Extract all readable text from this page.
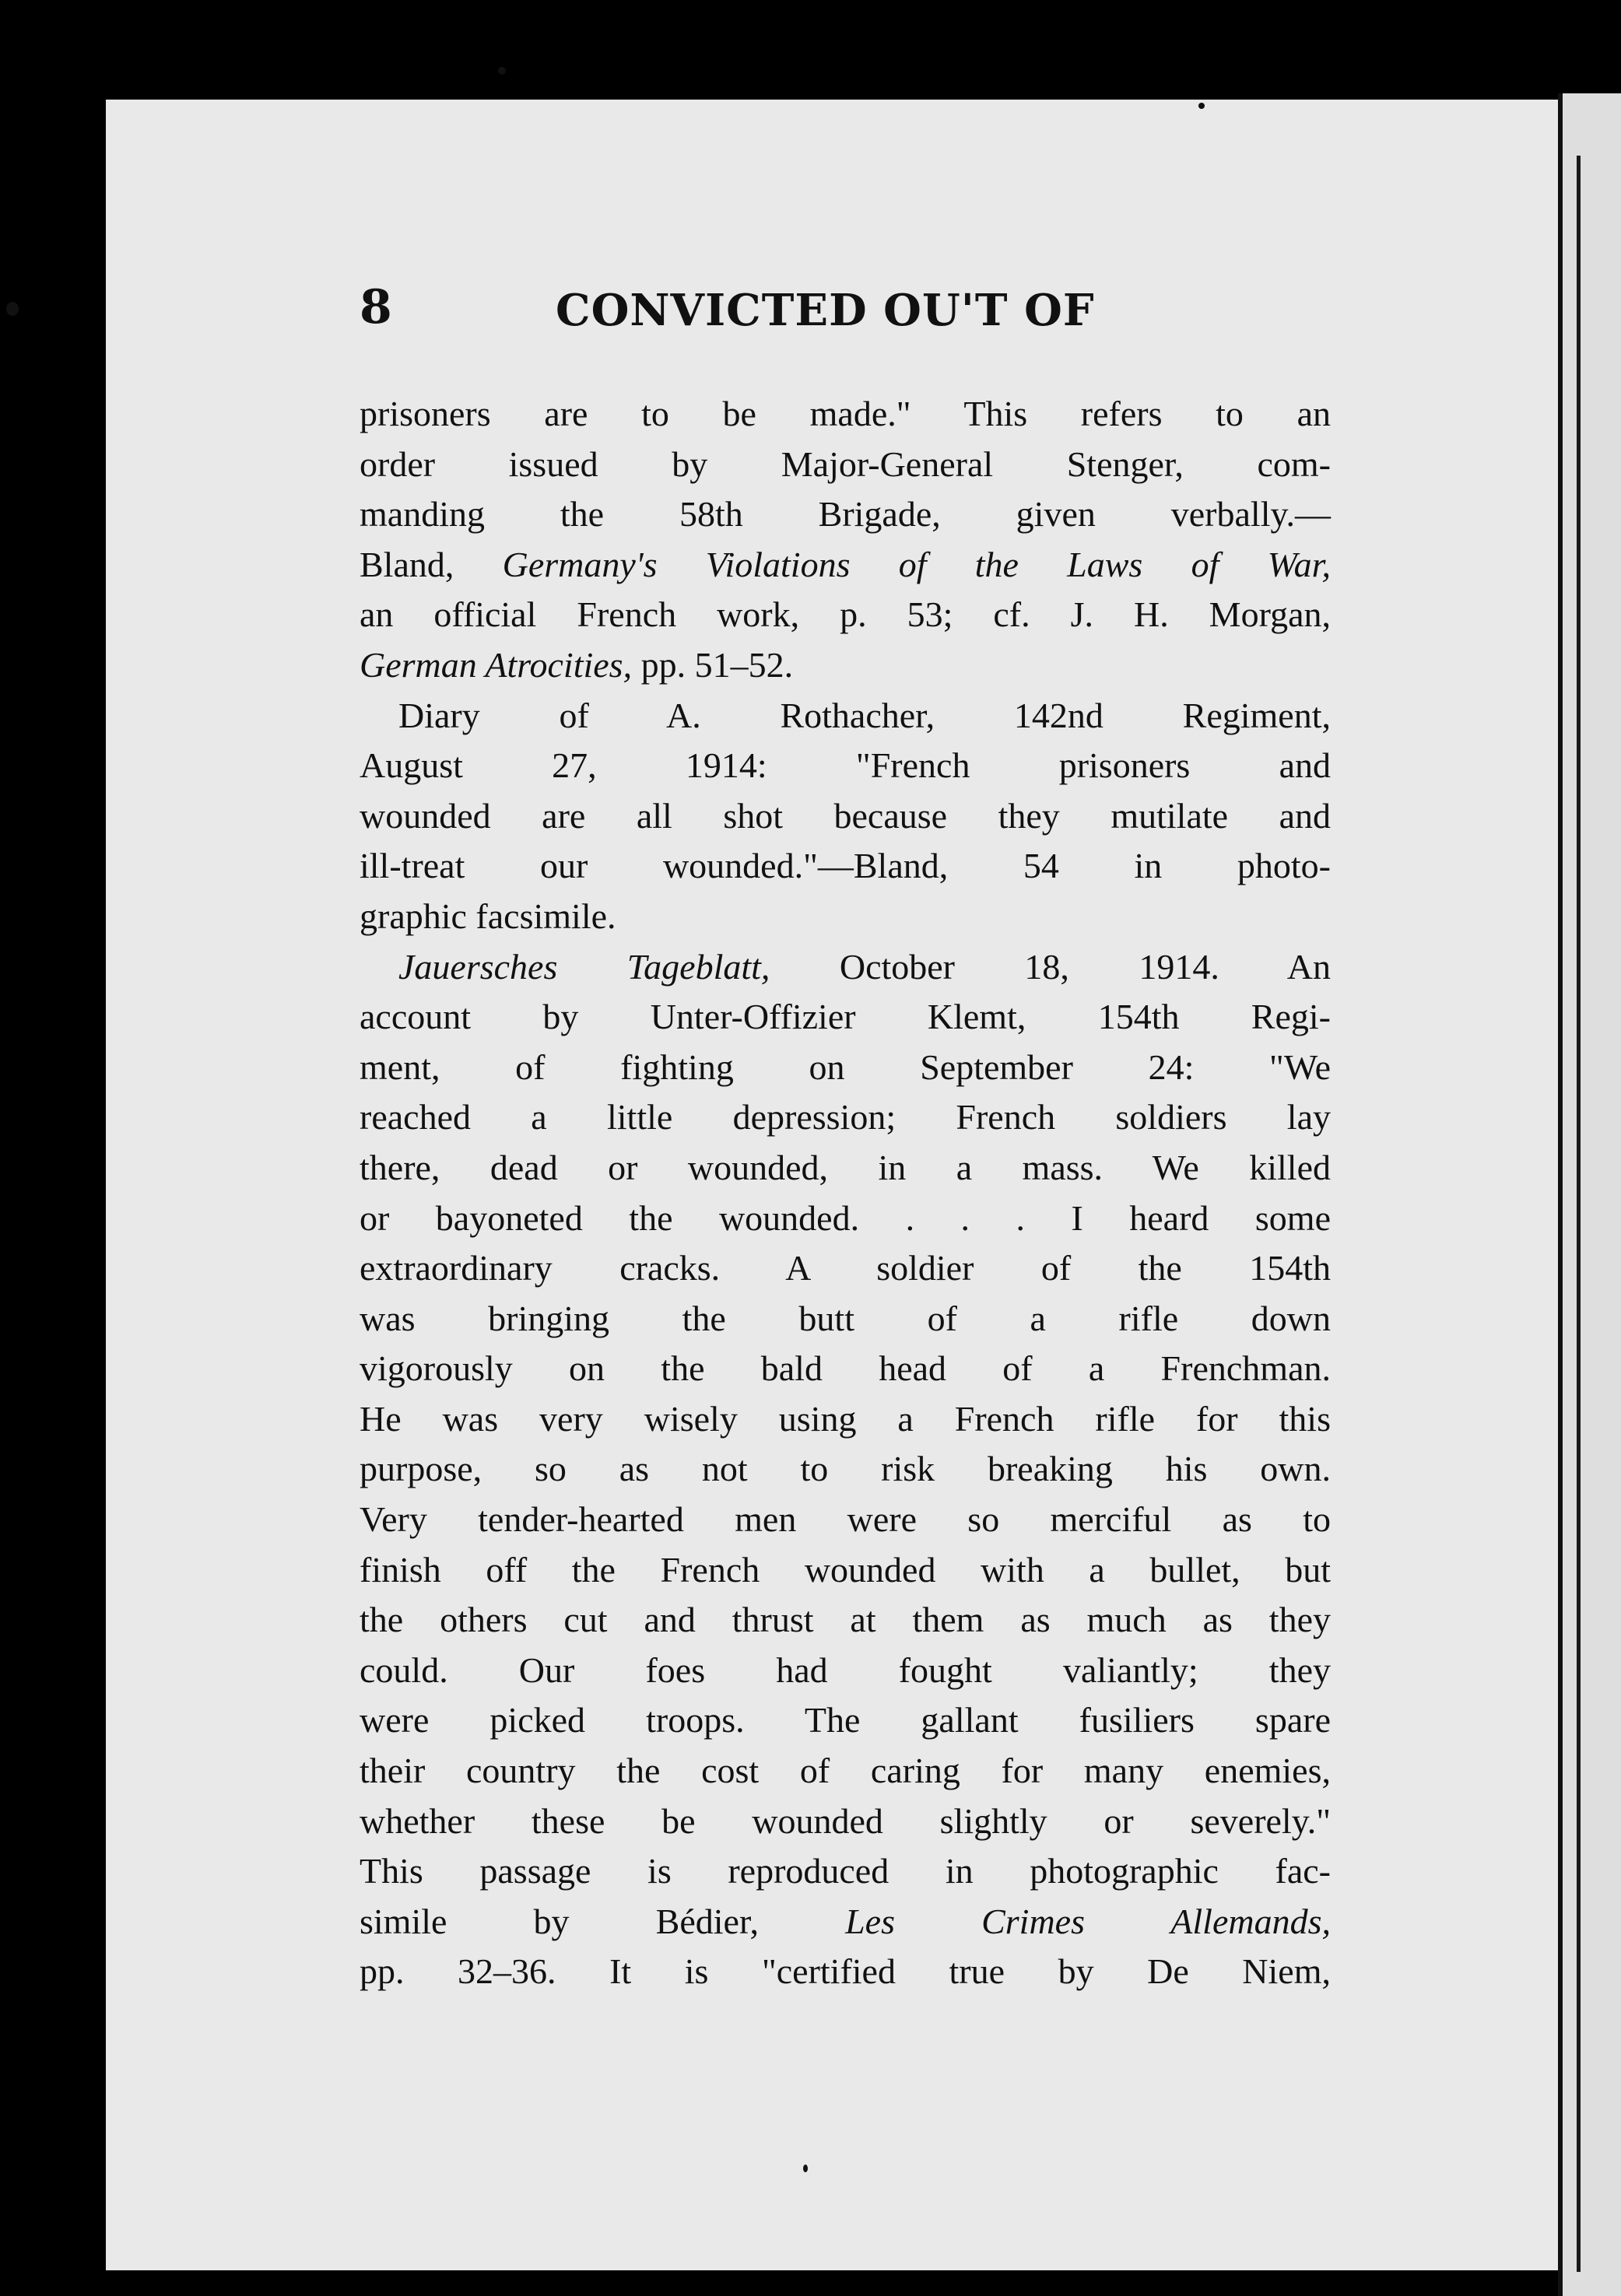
8	CONVICTED OU'T OF
prisoners are to be made." This refers to an
order issued by Major-General Stenger, com-
manding the 58th Brigade, given verbally.—
Bland, Germany's Violations of the Laws of War,
an official French work, p. 53; cf. J. H. Morgan,
German Atrocities, pp. 51–52.
Diary of A. Rothacher, 142nd Regiment,
August 27, 1914: "French prisoners and
wounded are all shot because they mutilate and
ill-treat our wounded."—Bland, 54 in photo-
graphic facsimile.
Jauersches Tageblatt, October 18, 1914. An
account by Unter-Offizier Klemt, 154th Regi-
ment, of fighting on September 24: "We
reached a little depression; French soldiers lay
there, dead or wounded, in a mass. We killed
or bayoneted the wounded. . . . I heard some
extraordinary cracks. A soldier of the 154th
was bringing the butt of a rifle down
vigorously on the bald head of a Frenchman.
He was very wisely using a French rifle for this
purpose, so as not to risk breaking his own.
Very tender-hearted men were so merciful as to
finish off the French wounded with a bullet, but
the others cut and thrust at them as much as they
could. Our foes had fought valiantly; they
were picked troops. The gallant fusiliers spare
their country the cost of caring for many enemies,
whether these be wounded slightly or severely."
This passage is reproduced in photographic fac-
simile by Bédier, Les Crimes Allemands,
pp. 32–36. It is "certified true by De Niem,
